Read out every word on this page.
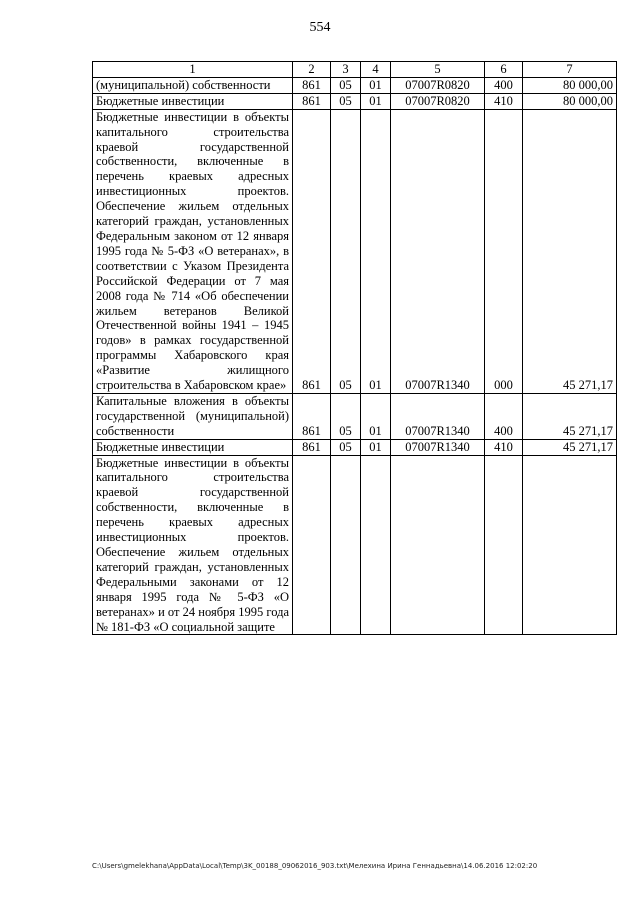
554
1	2	3	4	5	6	7
(муниципальной) собственности	861	05	01	07007R0820	400	80 000,00
Бюджетные инвестиции	861	05	01	07007R0820	410	80 000,00
Бюджетные инвестиции в объекты капитального строительства краевой государственной собственности, включенные в перечень краевых адресных инвестиционных проектов. Обеспечение жильем отдельных категорий граждан, установленных Федеральным законом от 12 января 1995 года № 5-ФЗ «О ветеранах», в соответствии с Указом Президента Российской Федерации от 7 мая 2008 года № 714 «Об обеспечении жильем ветеранов Великой Отечественной войны 1941 – 1945 годов» в рамках государственной программы Хабаровского края «Развитие жилищного строительства в Хабаровском крае»	861	05	01	07007R1340	000	45 271,17
Капитальные вложения в объекты государственной (муниципальной) собственности	861	05	01	07007R1340	400	45 271,17
Бюджетные инвестиции	861	05	01	07007R1340	410	45 271,17
Бюджетные инвестиции в объекты капитального строительства краевой государственной собственности, включенные в перечень краевых адресных инвестиционных проектов. Обеспечение жильем отдельных категорий граждан, установленных Федеральными законами от 12 января 1995 года № 5-ФЗ «О ветеранах» и от 24 ноября 1995 года № 181-ФЗ «О социальной защите						
C:\Users\gmelekhana\AppData\Local\Temp\3K_00188_09062016_903.txt\Мелехина Ирина Геннадьевна\14.06.2016 12:02:20
